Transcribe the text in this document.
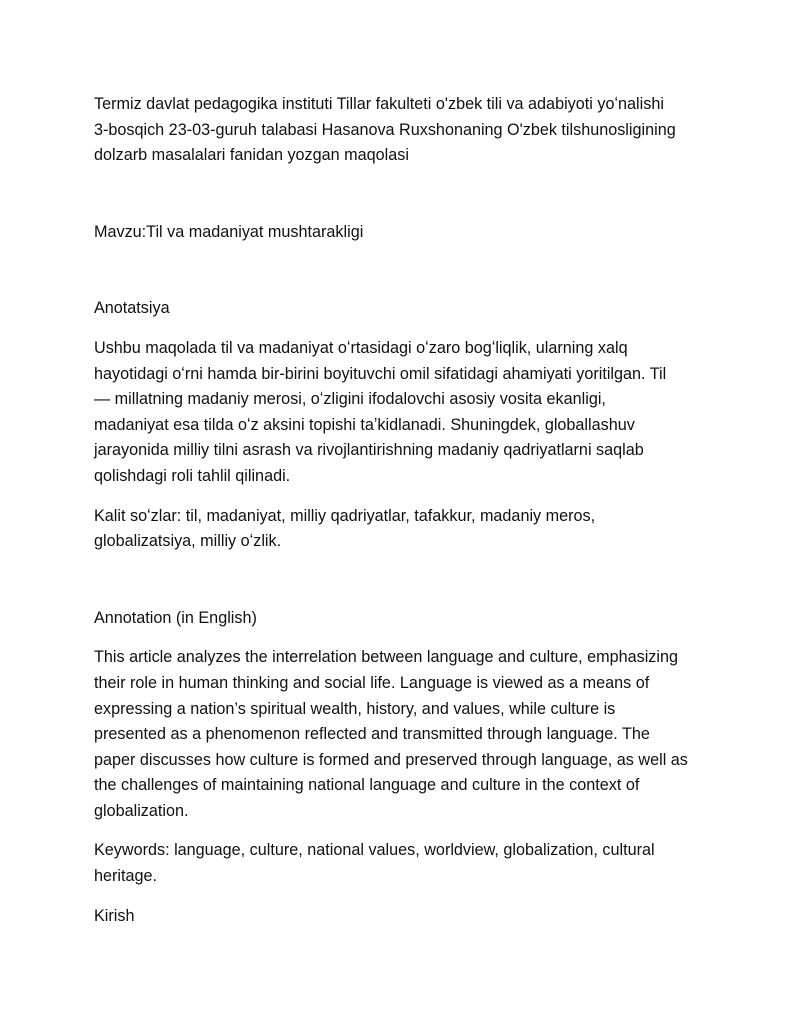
Termiz davlat pedagogika instituti Tillar fakulteti o'zbek tili va adabiyoti yoʻnalishi
3-bosqich 23-03-guruh talabasi Hasanova Ruxshonaning O'zbek tilshunosligining
dolzarb masalalari fanidan yozgan maqolasi

Mavzu:Til va madaniyat mushtarakligi

Anotatsiya

Ushbu maqolada til va madaniyat oʻrtasidagi oʻzaro bogʻliqlik, ularning xalq
hayotidagi oʻrni hamda bir-birini boyituvchi omil sifatidagi ahamiyati yoritilgan. Til
— millatning madaniy merosi, oʻzligini ifodalovchi asosiy vosita ekanligi,
madaniyat esa tilda oʻz aksini topishi taʼkidlanadi. Shuningdek, globallashuv
jarayonida milliy tilni asrash va rivojlantirishning madaniy qadriyatlarni saqlab
qolishdagi roli tahlil qilinadi.

Kalit soʻzlar: til, madaniyat, milliy qadriyatlar, tafakkur, madaniy meros,
globalizatsiya, milliy oʻzlik.

Annotation (in English)

This article analyzes the interrelation between language and culture, emphasizing
their role in human thinking and social life. Language is viewed as a means of
expressing a nation’s spiritual wealth, history, and values, while culture is
presented as a phenomenon reflected and transmitted through language. The
paper discusses how culture is formed and preserved through language, as well as
the challenges of maintaining national language and culture in the context of
globalization.

Keywords: language, culture, national values, worldview, globalization, cultural
heritage.

Kirish
